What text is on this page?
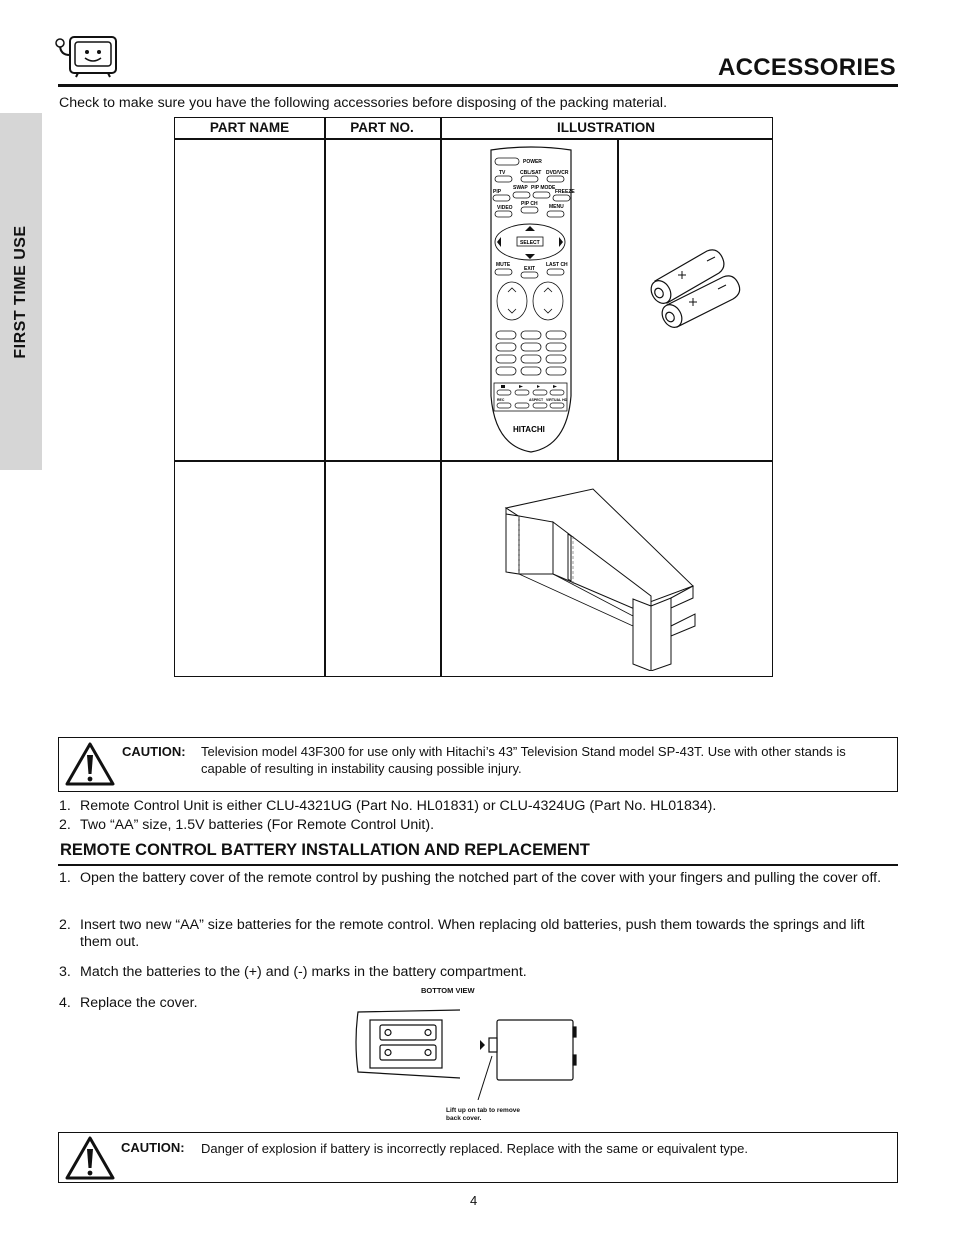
ACCESSORIES
FIRST TIME USE
Check to make sure you have the following accessories before disposing of the packing material.
PART NAME	PART NO.	ILLUSTRATION
POWER
TV	CBL/SAT DVD/VCR
SWAP PIP MODE
PIP	FREEZE
PIP CH
VIDEO	MENU
SELECT
MUTE	LAST CH
EXIT
REC	ASPECT VIRTUAL HD
HITACHI
CAUTION: Television model 43F300 for use only with Hitachi’s 43” Television Stand model SP-43T. Use with other stands is capable of resulting in instability causing possible injury.
1. Remote Control Unit is either CLU-4321UG (Part No. HL01831) or CLU-4324UG (Part No. HL01834).
2. Two “AA” size, 1.5V batteries (For Remote Control Unit).
REMOTE CONTROL BATTERY INSTALLATION AND REPLACEMENT
1. Open the battery cover of the remote control by pushing the notched part of the cover with your fingers and pulling the cover off.
2. Insert two new “AA” size batteries for the remote control. When replacing old batteries, push them towards the springs and lift them out.
3. Match the batteries to the (+) and (-) marks in the battery compartment.
4. Replace the cover.
BOTTOM VIEW
Lift up on tab to remove back cover.
CAUTION: Danger of explosion if battery is incorrectly replaced. Replace with the same or equivalent type.
4
